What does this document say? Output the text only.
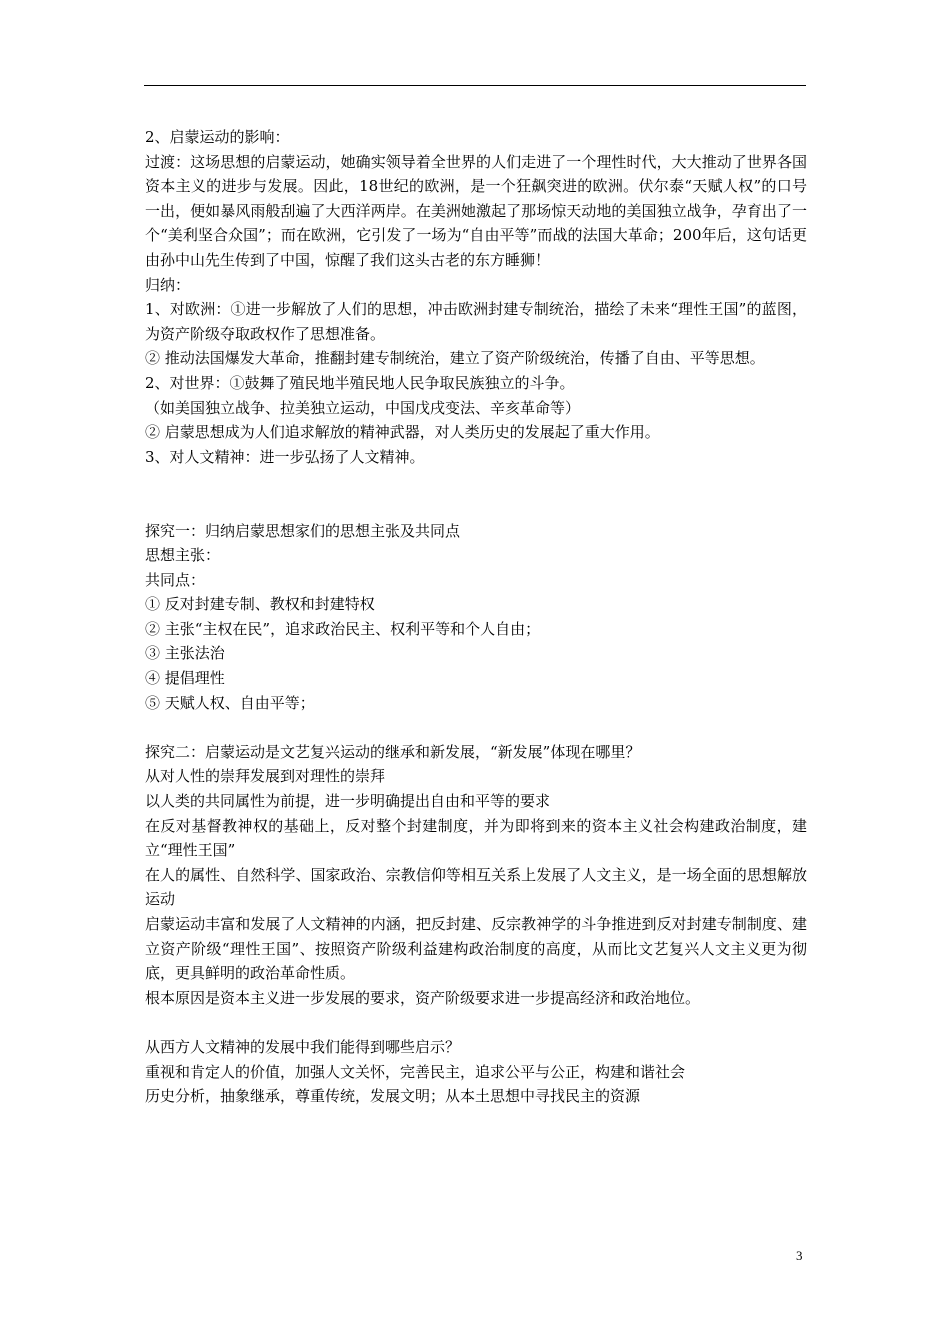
2、启蒙运动的影响：

过渡：这场思想的启蒙运动，她确实领导着全世界的人们走进了一个理性时代，大大推动了世界各国资本主义的进步与发展。因此，18世纪的欧洲，是一个狂飙突进的欧洲。伏尔泰“天赋人权”的口号一出，便如暴风雨般刮遍了大西洋两岸。在美洲她激起了那场惊天动地的美国独立战争，孕育出了一个“美利坚合众国”；而在欧洲，它引发了一场为“自由平等”而战的法国大革命；200年后，这句话更由孙中山先生传到了中国，惊醒了我们这头古老的东方睡狮！

归纳：

1、对欧洲：①进一步解放了人们的思想，冲击欧洲封建专制统治，描绘了未来“理性王国”的蓝图，为资产阶级夺取政权作了思想准备。

② 推动法国爆发大革命，推翻封建专制统治，建立了资产阶级统治，传播了自由、平等思想。

2、对世界：①鼓舞了殖民地半殖民地人民争取民族独立的斗争。

（如美国独立战争、拉美独立运动，中国戊戌变法、辛亥革命等）

② 启蒙思想成为人们追求解放的精神武器，对人类历史的发展起了重大作用。

3、对人文精神：进一步弘扬了人文精神。

探究一：归纳启蒙思想家们的思想主张及共同点

思想主张：

共同点：

① 反对封建专制、教权和封建特权

② 主张“主权在民”，追求政治民主、权利平等和个人自由；

③ 主张法治

④ 提倡理性

⑤ 天赋人权、自由平等；

探究二：启蒙运动是文艺复兴运动的继承和新发展，“新发展”体现在哪里？

从对人性的崇拜发展到对理性的崇拜

以人类的共同属性为前提，进一步明确提出自由和平等的要求

在反对基督教神权的基础上，反对整个封建制度，并为即将到来的资本主义社会构建政治制度，建立“理性王国”

在人的属性、自然科学、国家政治、宗教信仰等相互关系上发展了人文主义，是一场全面的思想解放运动

启蒙运动丰富和发展了人文精神的内涵，把反封建、反宗教神学的斗争推进到反对封建专制制度、建立资产阶级“理性王国”、按照资产阶级利益建构政治制度的高度，从而比文艺复兴人文主义更为彻底，更具鲜明的政治革命性质。

根本原因是资本主义进一步发展的要求，资产阶级要求进一步提高经济和政治地位。

从西方人文精神的发展中我们能得到哪些启示？

重视和肯定人的价值，加强人文关怀，完善民主，追求公平与公正，构建和谐社会

历史分析，抽象继承，尊重传统，发展文明；从本土思想中寻找民主的资源

3
